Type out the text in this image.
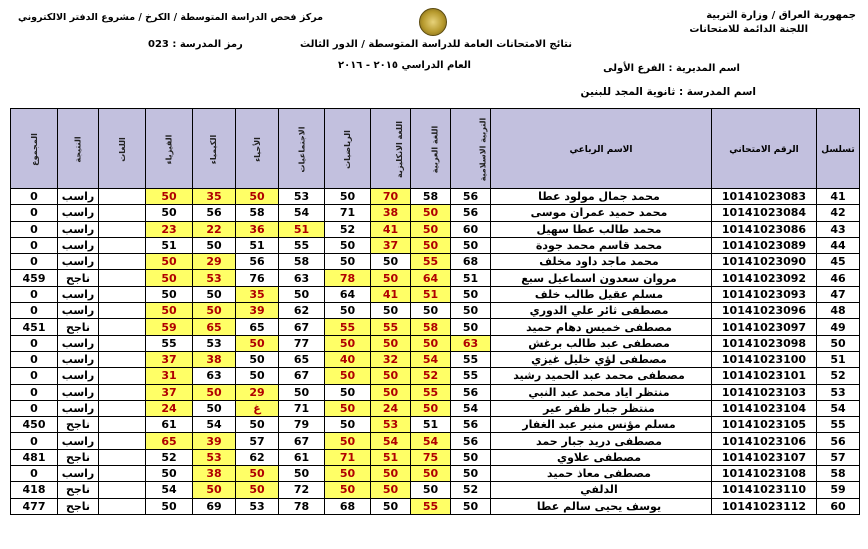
جمهورية العراق / وزارة التربية
اللجنة الدائمة للامتحانات
اسم المديرية : الفرع الأولى
اسم المدرسة : ثانوية المجد للبنين
نتائج الامتحانات العامة للدراسة المتوسطة / الدور الثالث
العام الدراسي ٢٠١٥ - ٢٠١٦
مركز فحص الدراسة المتوسطة / الكرخ / مشروع الدفتر الالكتروني
رمز المدرسة : 023
المجموع	النتيجة	اللغات	الفيزياء	الكيمياء	الأحياء	الاجتماعيات	الرياضيات	اللغة الانكليزية	اللغة العربية	التربية الاسلامية	الاسم الرباعي	الرقم الامتحاني	تسلسل
0	راسب		50	35	50	53	50	70	58	56	محمد جمال مولود عطا	10141023083	41
0	راسب		50	56	58	54	71	38	50	56	محمد حميد عمران موسى	10141023084	42
0	راسب		23	22	36	51	52	41	50	60	محمد طالب عطا سهيل	10141023086	43
0	راسب		51	50	51	55	50	37	50	50	محمد قاسم محمد جودة	10141023089	44
0	راسب		50	29	56	58	50	50	55	68	محمد ماجد داود مخلف	10141023090	45
459	ناجح		50	53	76	63	78	50	64	51	مروان سعدون اسماعيل سبع	10141023092	46
0	راسب		50	50	35	50	64	41	51	50	مسلم عقيل طالب خلف	10141023093	47
0	راسب		50	50	39	62	50	50	50	50	مصطفى ثائر علي الدوري	10141023096	48
451	ناجح		59	65	65	67	55	55	58	50	مصطفى خميس دهام حميد	10141023097	49
0	راسب		55	53	50	77	50	50	50	63	مصطفى عبد طالب برغش	10141023098	50
0	راسب		37	38	50	65	40	32	54	55	مصطفى لؤي خليل غيزي	10141023100	51
0	راسب		31	63	50	67	50	50	52	55	مصطفى محمد عبد الحميد رشيد	10141023101	52
0	راسب		37	50	29	50	50	50	55	56	منتظر اياد محمد عبد النبي	10141023103	53
0	راسب		24	50	غ	71	50	24	50	54	منتظر جبار ظفر عير	10141023104	54
450	ناجح		61	54	50	79	50	53	51	56	مسلم مؤنس منير عبد الغفار	10141023105	55
0	راسب		65	39	57	67	50	54	54	56	مصطفى دريد جبار حمد	10141023106	56
481	ناجح		52	53	62	61	71	51	75	50	مصطفى علاوي	10141023107	57
0	راسب		50	38	50	50	50	50	50	50	مصطفى معاذ حميد	10141023108	58
418	ناجح		54	50	50	72	50	50	50	52	الدلفي	10141023110	59
477	ناجح		50	69	53	78	68	50	55	50	يوسف يحيى سالم عطا	10141023112	60
